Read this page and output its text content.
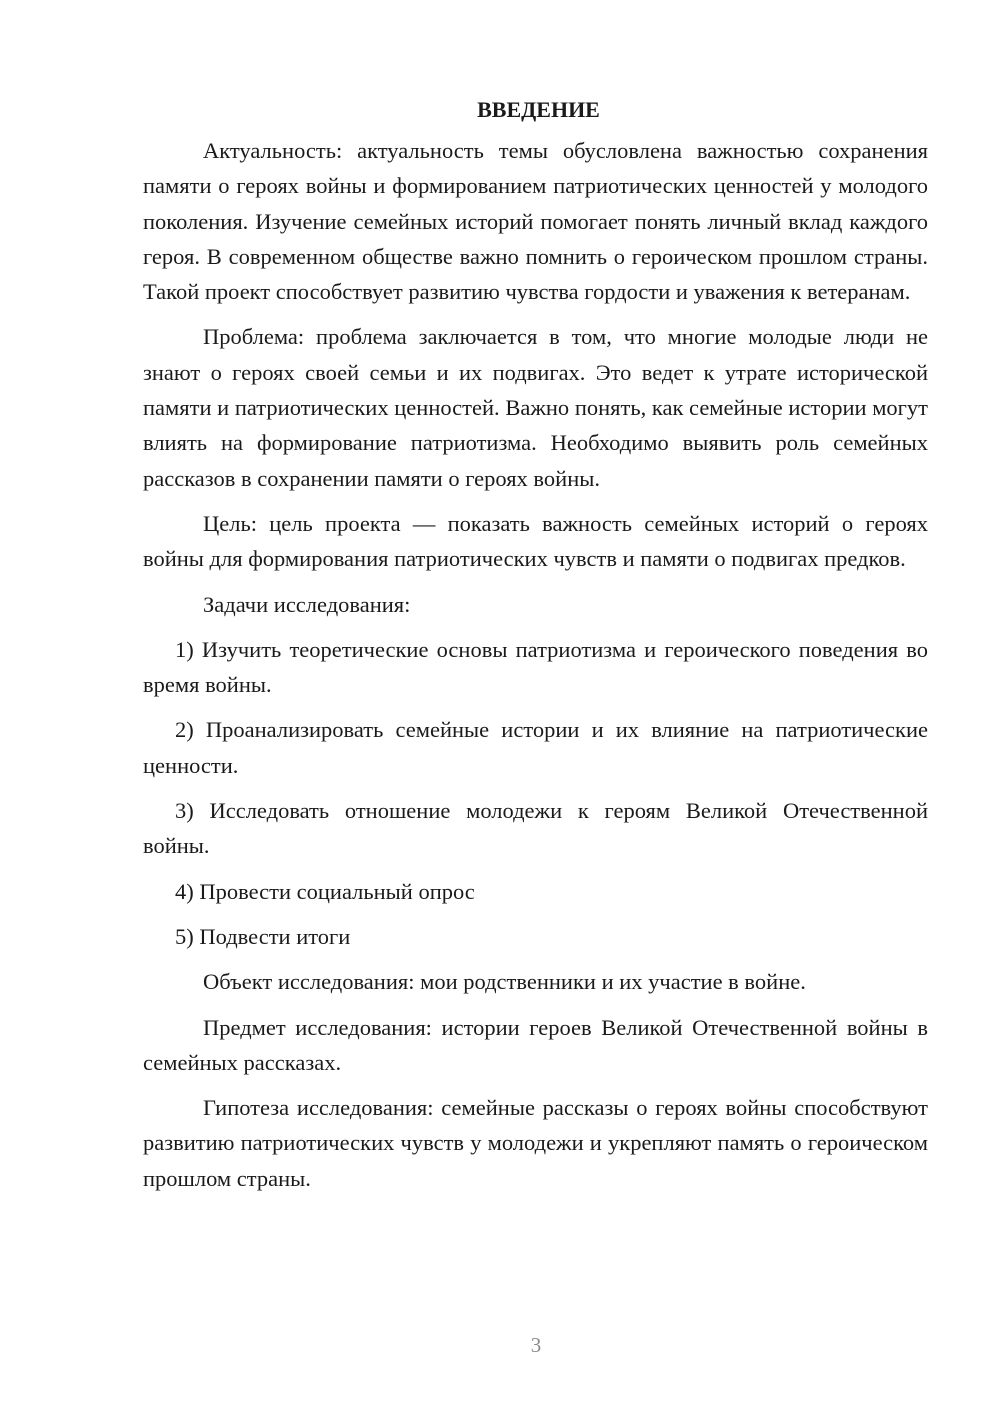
ВВЕДЕНИЕ

Актуальность: актуальность темы обусловлена важностью сохранения памяти о героях войны и формированием патриотических ценностей у молодого поколения. Изучение семейных историй помогает понять личный вклад каждого героя. В современном обществе важно помнить о героическом прошлом страны. Такой проект способствует развитию чувства гордости и уважения к ветеранам.

Проблема: проблема заключается в том, что многие молодые люди не знают о героях своей семьи и их подвигах. Это ведет к утрате исторической памяти и патриотических ценностей. Важно понять, как семейные истории могут влиять на формирование патриотизма. Необходимо выявить роль семейных рассказов в сохранении памяти о героях войны.

Цель: цель проекта — показать важность семейных историй о героях войны для формирования патриотических чувств и памяти о подвигах предков.

Задачи исследования:

1) Изучить теоретические основы патриотизма и героического поведения во время войны.

2) Проанализировать семейные истории и их влияние на патриотические ценности.

3) Исследовать отношение молодежи к героям Великой Отечественной войны.

4) Провести социальный опрос

5) Подвести итоги

Объект исследования: мои родственники и их участие в войне.

Предмет исследования: истории героев Великой Отечественной войны в семейных рассказах.

Гипотеза исследования: семейные рассказы о героях войны способствуют развитию патриотических чувств у молодежи и укрепляют память о героическом прошлом страны.

3
